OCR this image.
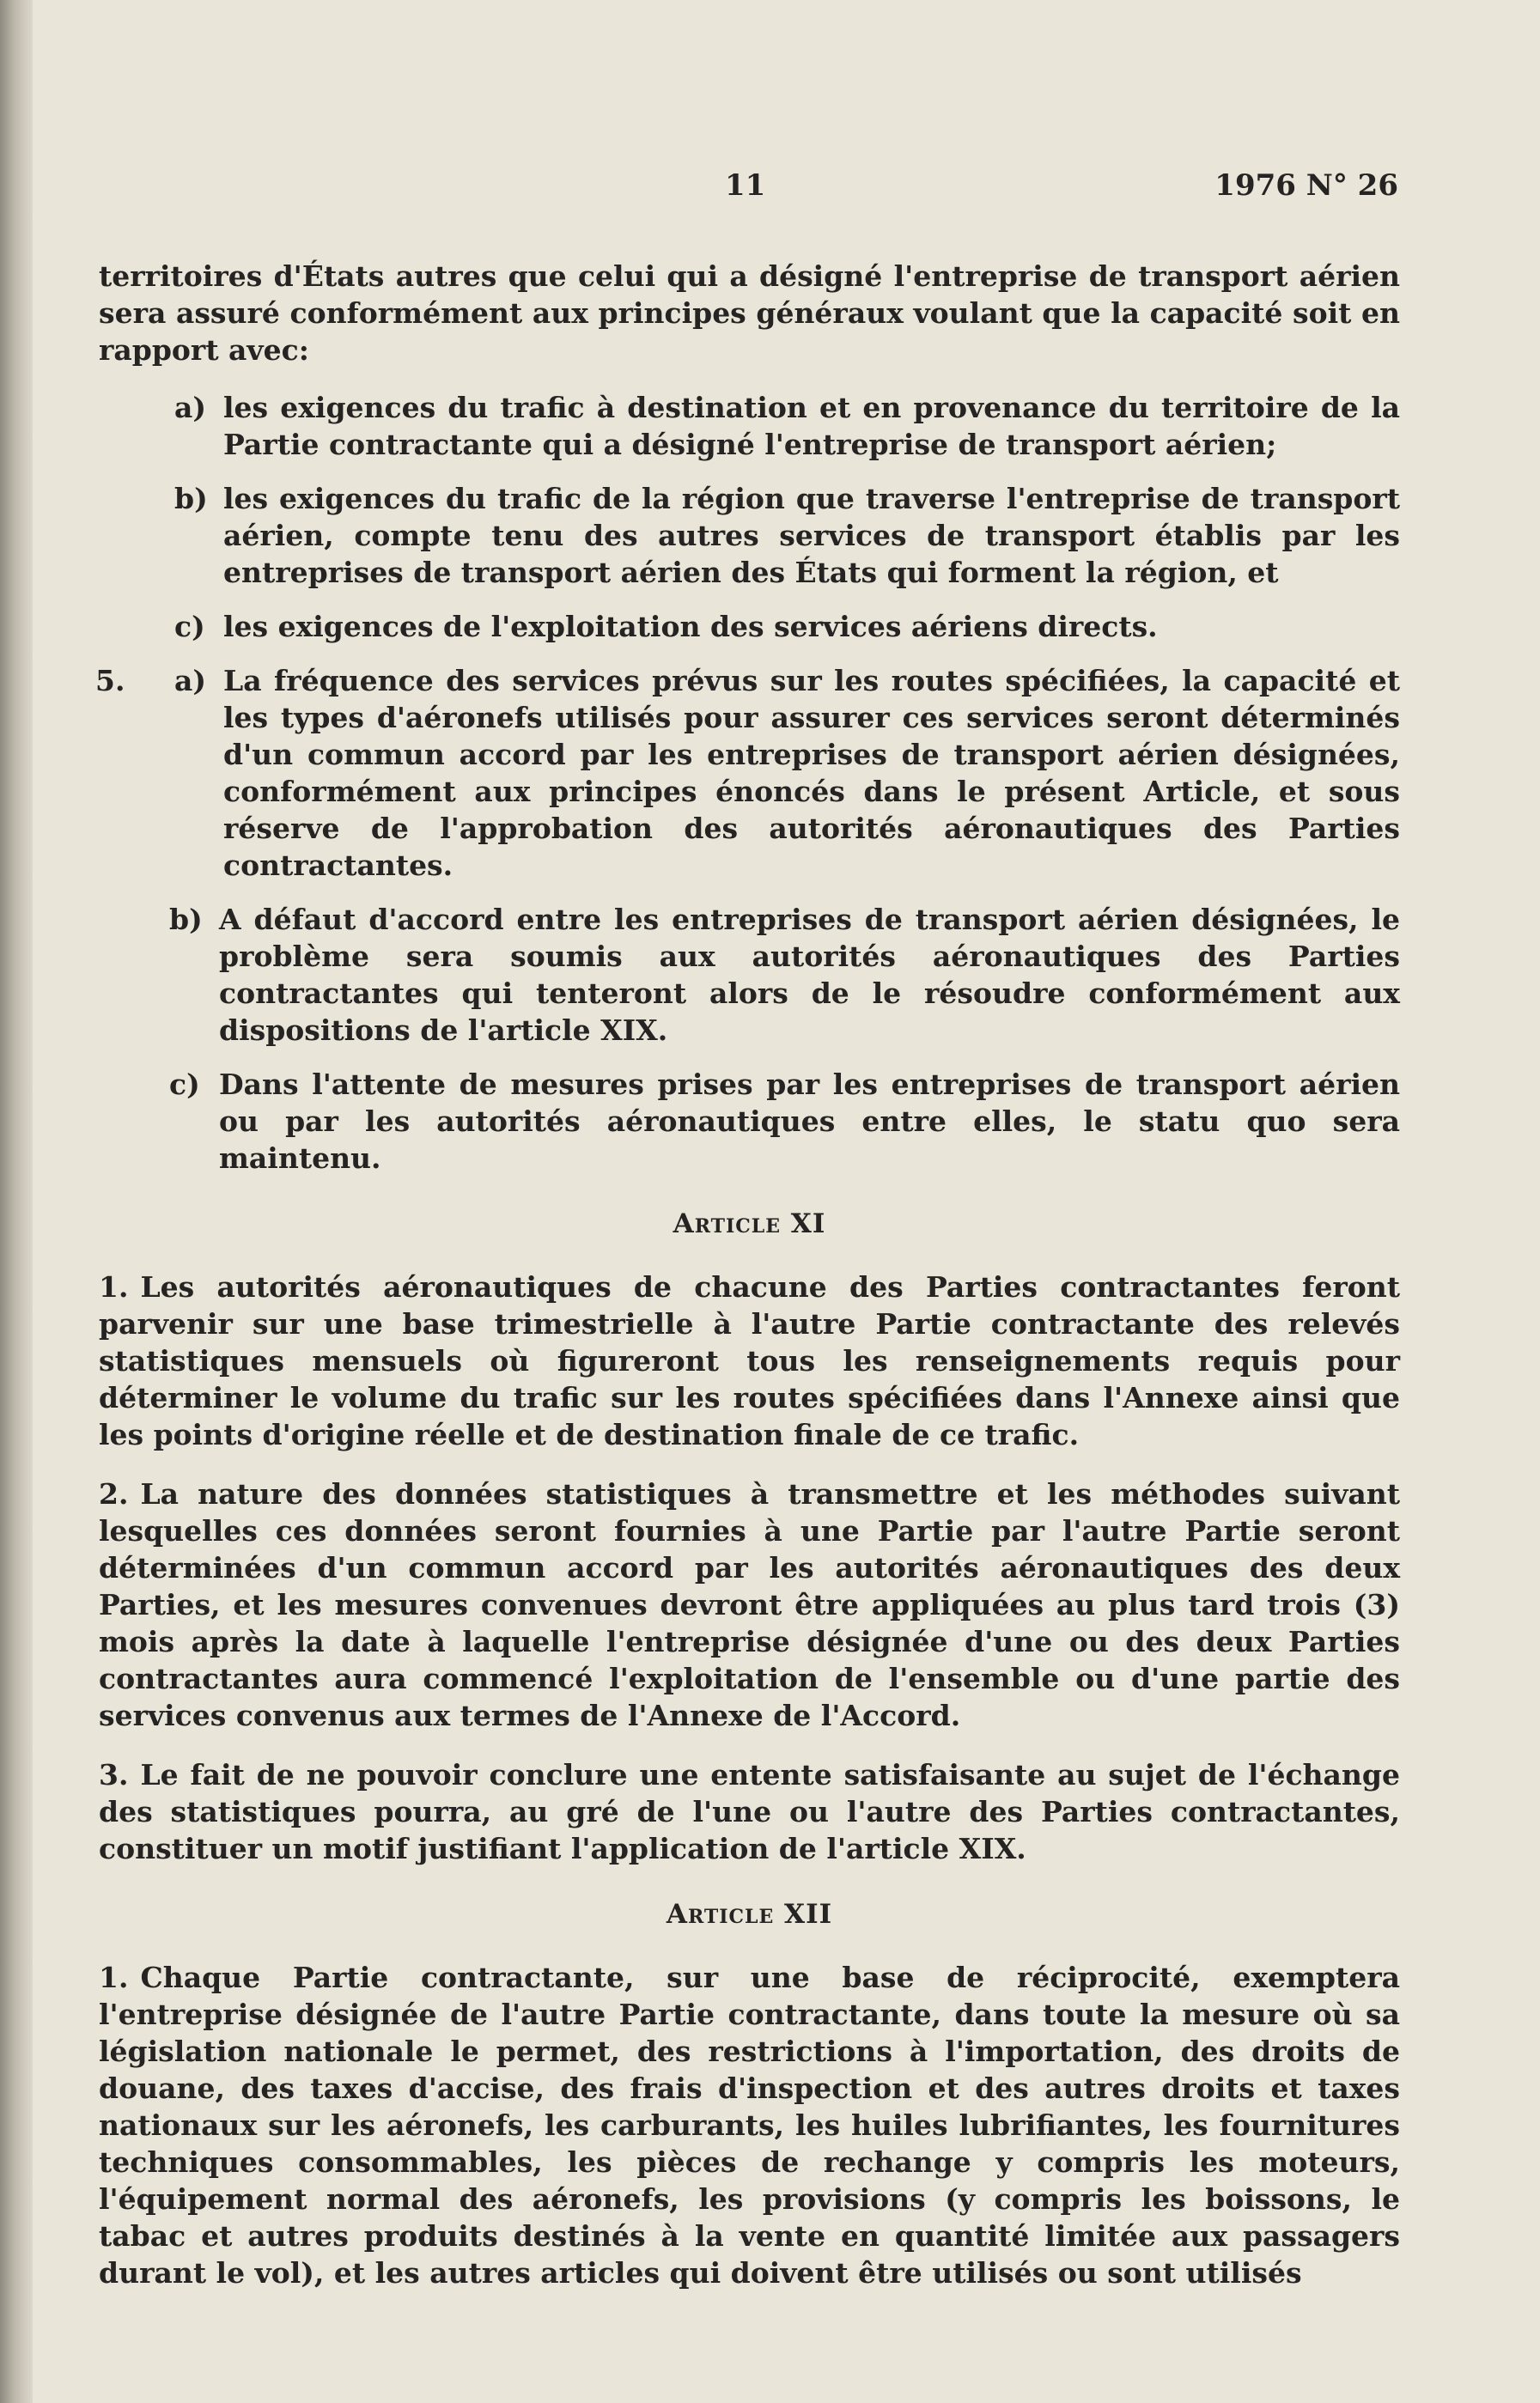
11	1976 N° 26

territoires d'États autres que celui qui a désigné l'entreprise de transport aérien sera assuré conformément aux principes généraux voulant que la capacité soit en rapport avec:

a) les exigences du trafic à destination et en provenance du territoire de la Partie contractante qui a désigné l'entreprise de transport aérien;
b) les exigences du trafic de la région que traverse l'entreprise de transport aérien, compte tenu des autres services de transport établis par les entreprises de transport aérien des États qui forment la région, et
c) les exigences de l'exploitation des services aériens directs.
5. a) La fréquence des services prévus sur les routes spécifiées, la capacité et les types d'aéronefs utilisés pour assurer ces services seront déterminés d'un commun accord par les entreprises de transport aérien désignées, conformément aux principes énoncés dans le présent Article, et sous réserve de l'approbation des autorités aéronautiques des Parties contractantes.
b) A défaut d'accord entre les entreprises de transport aérien désignées, le problème sera soumis aux autorités aéronautiques des Parties contractantes qui tenteront alors de le résoudre conformément aux dispositions de l'article XIX.
c) Dans l'attente de mesures prises par les entreprises de transport aérien ou par les autorités aéronautiques entre elles, le statu quo sera maintenu.
Article XI

1. Les autorités aéronautiques de chacune des Parties contractantes feront parvenir sur une base trimestrielle à l'autre Partie contractante des relevés statistiques mensuels où figureront tous les renseignements requis pour déterminer le volume du trafic sur les routes spécifiées dans l'Annexe ainsi que les points d'origine réelle et de destination finale de ce trafic.

2. La nature des données statistiques à transmettre et les méthodes suivant lesquelles ces données seront fournies à une Partie par l'autre Partie seront déterminées d'un commun accord par les autorités aéronautiques des deux Parties, et les mesures convenues devront être appliquées au plus tard trois (3) mois après la date à laquelle l'entreprise désignée d'une ou des deux Parties contractantes aura commencé l'exploitation de l'ensemble ou d'une partie des services convenus aux termes de l'Annexe de l'Accord.

3. Le fait de ne pouvoir conclure une entente satisfaisante au sujet de l'échange des statistiques pourra, au gré de l'une ou l'autre des Parties contractantes, constituer un motif justifiant l'application de l'article XIX.

Article XII

1. Chaque Partie contractante, sur une base de réciprocité, exemptera l'entreprise désignée de l'autre Partie contractante, dans toute la mesure où sa législation nationale le permet, des restrictions à l'importation, des droits de douane, des taxes d'accise, des frais d'inspection et des autres droits et taxes nationaux sur les aéronefs, les carburants, les huiles lubrifiantes, les fournitures techniques consommables, les pièces de rechange y compris les moteurs, l'équipement normal des aéronefs, les provisions (y compris les boissons, le tabac et autres produits destinés à la vente en quantité limitée aux passagers durant le vol), et les autres articles qui doivent être utilisés ou sont utilisés
